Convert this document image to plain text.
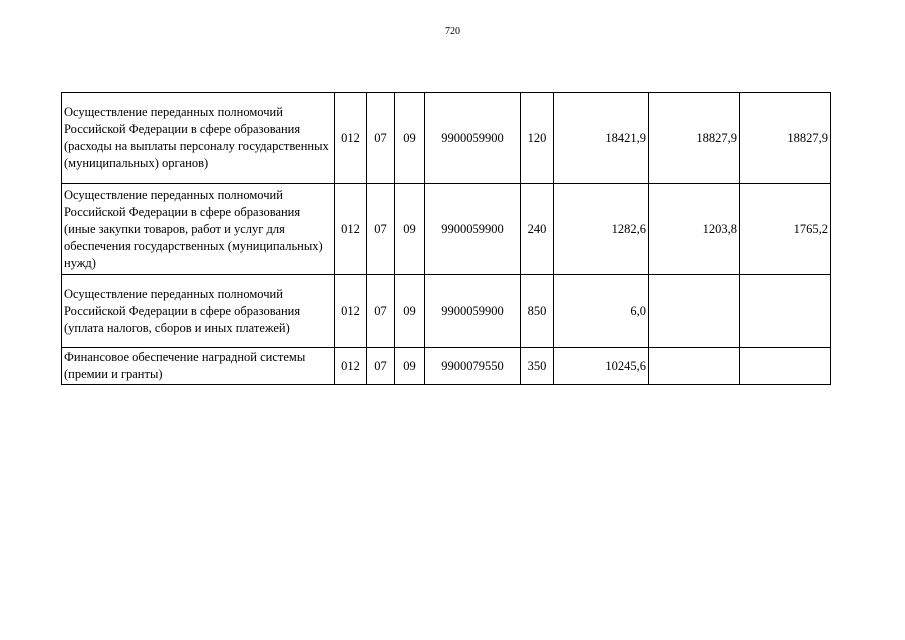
720
Осуществление переданных полномочий Российской Федерации в сфере образования (расходы на выплаты персоналу государственных (муниципальных) органов)	012	07	09	9900059900	120	18421,9	18827,9	18827,9
Осуществление переданных полномочий Российской Федерации в сфере образования (иные закупки товаров, работ и услуг для обеспечения государственных (муниципальных) нужд)	012	07	09	9900059900	240	1282,6	1203,8	1765,2
Осуществление переданных полномочий Российской Федерации в сфере образования (уплата налогов, сборов и иных платежей)	012	07	09	9900059900	850	6,0		
Финансовое обеспечение наградной системы (премии и гранты)	012	07	09	9900079550	350	10245,6		
